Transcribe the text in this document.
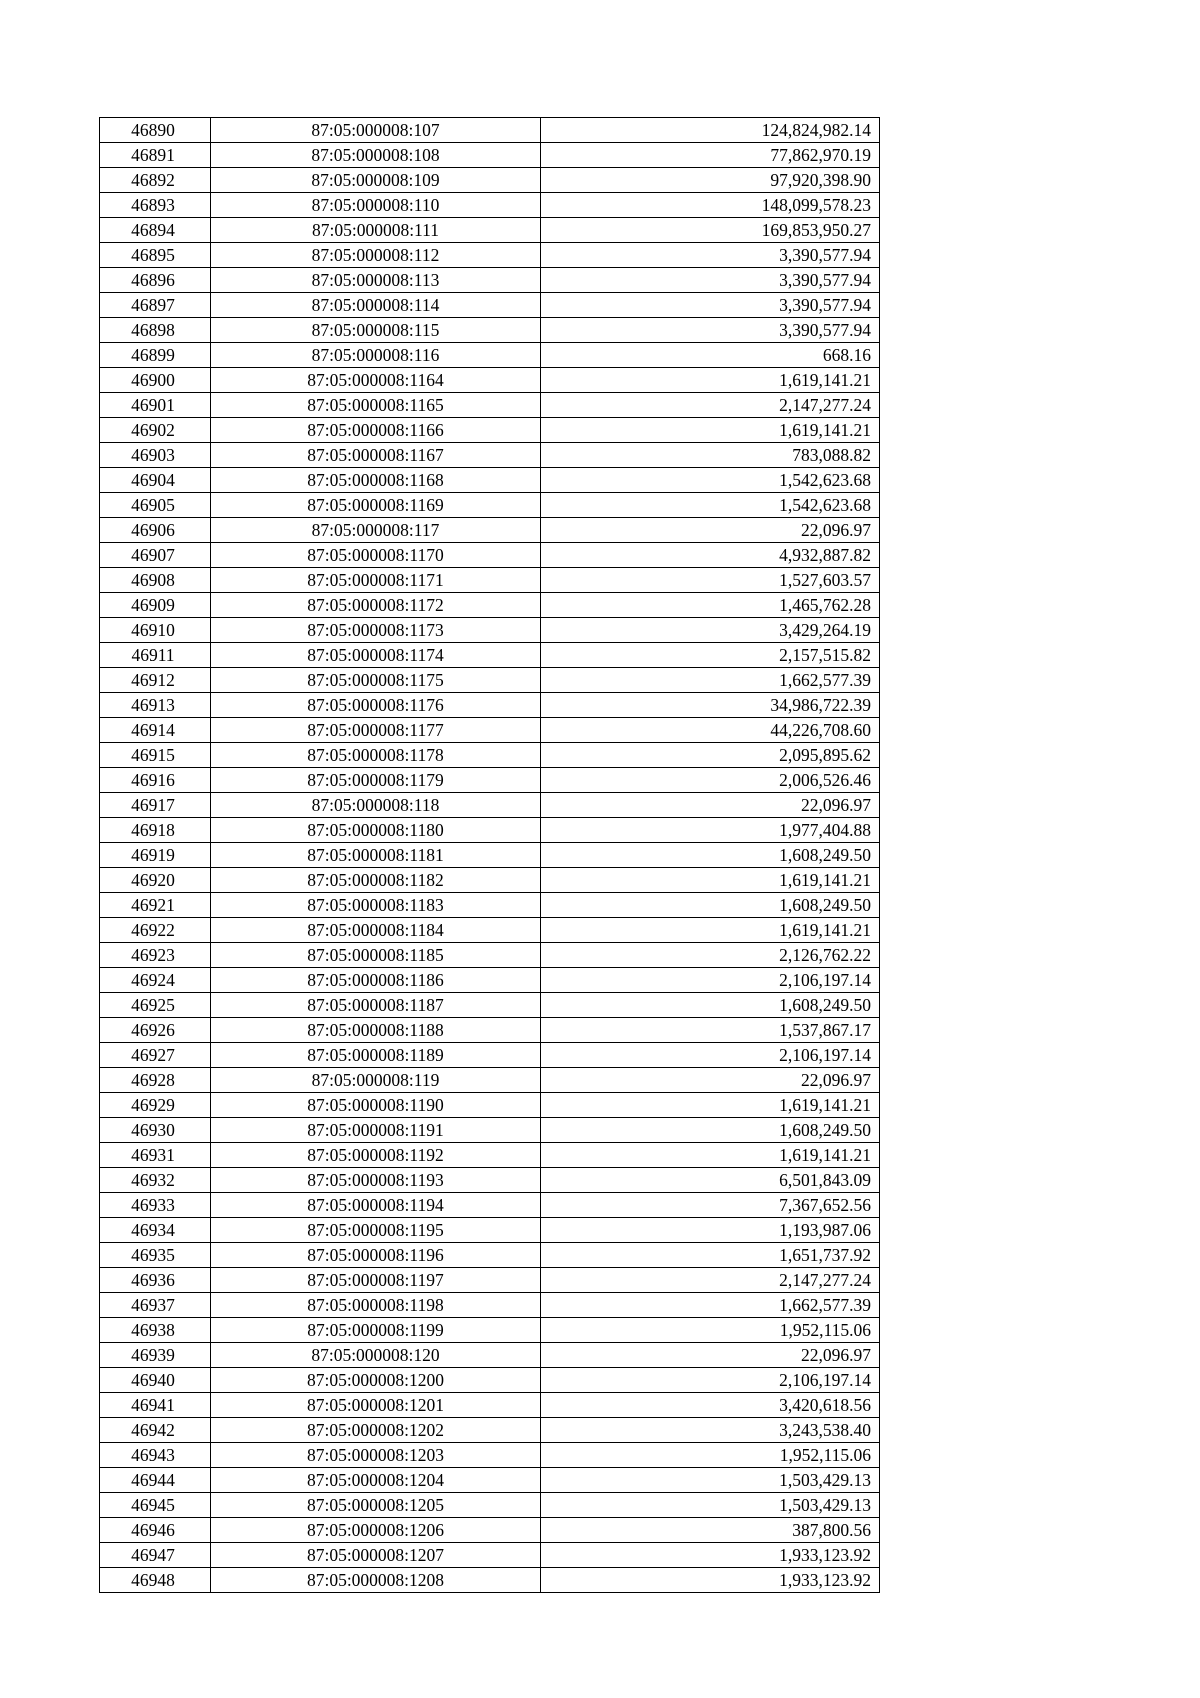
46890	87:05:000008:107	124,824,982.14
46891	87:05:000008:108	77,862,970.19
46892	87:05:000008:109	97,920,398.90
46893	87:05:000008:110	148,099,578.23
46894	87:05:000008:111	169,853,950.27
46895	87:05:000008:112	3,390,577.94
46896	87:05:000008:113	3,390,577.94
46897	87:05:000008:114	3,390,577.94
46898	87:05:000008:115	3,390,577.94
46899	87:05:000008:116	668.16
46900	87:05:000008:1164	1,619,141.21
46901	87:05:000008:1165	2,147,277.24
46902	87:05:000008:1166	1,619,141.21
46903	87:05:000008:1167	783,088.82
46904	87:05:000008:1168	1,542,623.68
46905	87:05:000008:1169	1,542,623.68
46906	87:05:000008:117	22,096.97
46907	87:05:000008:1170	4,932,887.82
46908	87:05:000008:1171	1,527,603.57
46909	87:05:000008:1172	1,465,762.28
46910	87:05:000008:1173	3,429,264.19
46911	87:05:000008:1174	2,157,515.82
46912	87:05:000008:1175	1,662,577.39
46913	87:05:000008:1176	34,986,722.39
46914	87:05:000008:1177	44,226,708.60
46915	87:05:000008:1178	2,095,895.62
46916	87:05:000008:1179	2,006,526.46
46917	87:05:000008:118	22,096.97
46918	87:05:000008:1180	1,977,404.88
46919	87:05:000008:1181	1,608,249.50
46920	87:05:000008:1182	1,619,141.21
46921	87:05:000008:1183	1,608,249.50
46922	87:05:000008:1184	1,619,141.21
46923	87:05:000008:1185	2,126,762.22
46924	87:05:000008:1186	2,106,197.14
46925	87:05:000008:1187	1,608,249.50
46926	87:05:000008:1188	1,537,867.17
46927	87:05:000008:1189	2,106,197.14
46928	87:05:000008:119	22,096.97
46929	87:05:000008:1190	1,619,141.21
46930	87:05:000008:1191	1,608,249.50
46931	87:05:000008:1192	1,619,141.21
46932	87:05:000008:1193	6,501,843.09
46933	87:05:000008:1194	7,367,652.56
46934	87:05:000008:1195	1,193,987.06
46935	87:05:000008:1196	1,651,737.92
46936	87:05:000008:1197	2,147,277.24
46937	87:05:000008:1198	1,662,577.39
46938	87:05:000008:1199	1,952,115.06
46939	87:05:000008:120	22,096.97
46940	87:05:000008:1200	2,106,197.14
46941	87:05:000008:1201	3,420,618.56
46942	87:05:000008:1202	3,243,538.40
46943	87:05:000008:1203	1,952,115.06
46944	87:05:000008:1204	1,503,429.13
46945	87:05:000008:1205	1,503,429.13
46946	87:05:000008:1206	387,800.56
46947	87:05:000008:1207	1,933,123.92
46948	87:05:000008:1208	1,933,123.92
